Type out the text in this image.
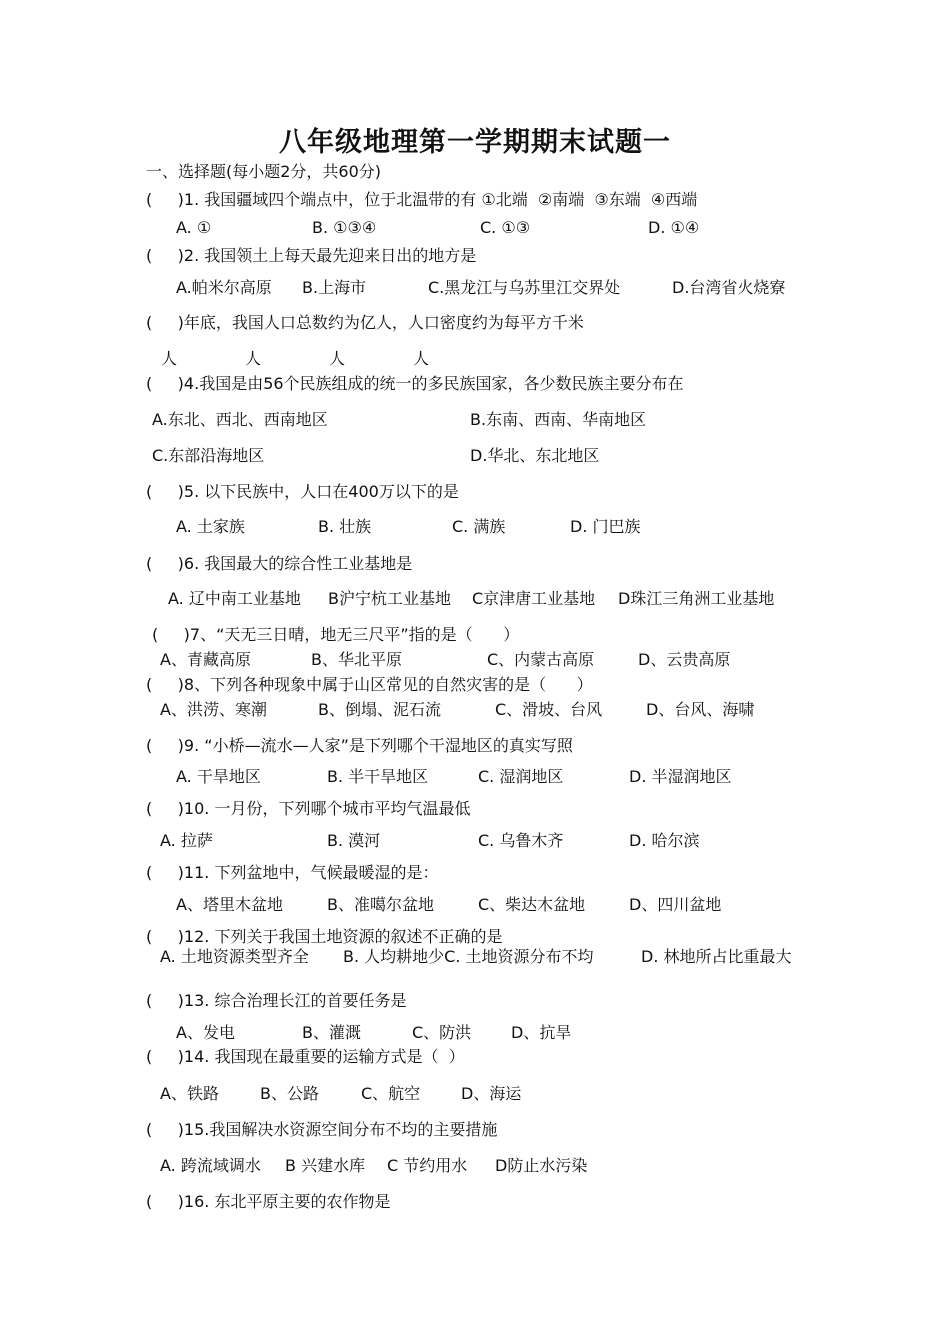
八年级地理第一学期期末试题一
一、选择题(每小题2分，共60分)
(     )1. 我国疆域四个端点中，位于北温带的有 ①北端  ②南端  ③东端  ④西端
A. ①	B. ①③④	C. ①③	D. ①④
(     )2. 我国领土上每天最先迎来日出的地方是
A.帕米尔高原 B.上海市	C.黑龙江与乌苏里江交界处	D.台湾省火烧寮
(     )年底，我国人口总数约为亿人，人口密度约为每平方千米
人	人	人	人
(     )4.我国是由56个民族组成的统一的多民族国家，各少数民族主要分布在
A.东北、西北、西南地区	B.东南、西南、华南地区
C.东部沿海地区	D.华北、东北地区
(     )5. 以下民族中，人口在400万以下的是
A. 土家族	B. 壮族	C. 满族	D. 门巴族
(     )6. 我国最大的综合性工业基地是
A. 辽中南工业基地 B沪宁杭工业基地 C京津唐工业基地 D珠江三角洲工业基地
(     )7、“天无三日晴，地无三尺平”指的是（      ）
A、青藏高原	B、华北平原	C、内蒙古高原	D、云贵高原
(     )8、下列各种现象中属于山区常见的自然灾害的是（      ）
A、洪涝、寒潮	B、倒塌、泥石流	C、滑坡、台风	D、台风、海啸
(     )9. “小桥—流水—人家”是下列哪个干湿地区的真实写照
A. 干旱地区	B. 半干旱地区	C. 湿润地区	D. 半湿润地区
(     )10. 一月份，下列哪个城市平均气温最低
A. 拉萨	B. 漠河	C. 乌鲁木齐	D. 哈尔滨
(     )11. 下列盆地中，气候最暖湿的是：
A、塔里木盆地	B、准噶尔盆地	C、柴达木盆地	D、四川盆地
(     )12. 下列关于我国土地资源的叙述不正确的是
A. 土地资源类型齐全 B. 人均耕地少C. 土地资源分布不均	D. 林地所占比重最大
(     )13. 综合治理长江的首要任务是
A、发电	B、灌溉	C、防洪 D、抗旱
(     )14. 我国现在最重要的运输方式是（  ）
A、铁路	B、公路	C、航空	D、海运
(     )15.我国解决水资源空间分布不均的主要措施
A. 跨流域调水 B 兴建水库 C 节约用水 D防止水污染
(     )16. 东北平原主要的农作物是
